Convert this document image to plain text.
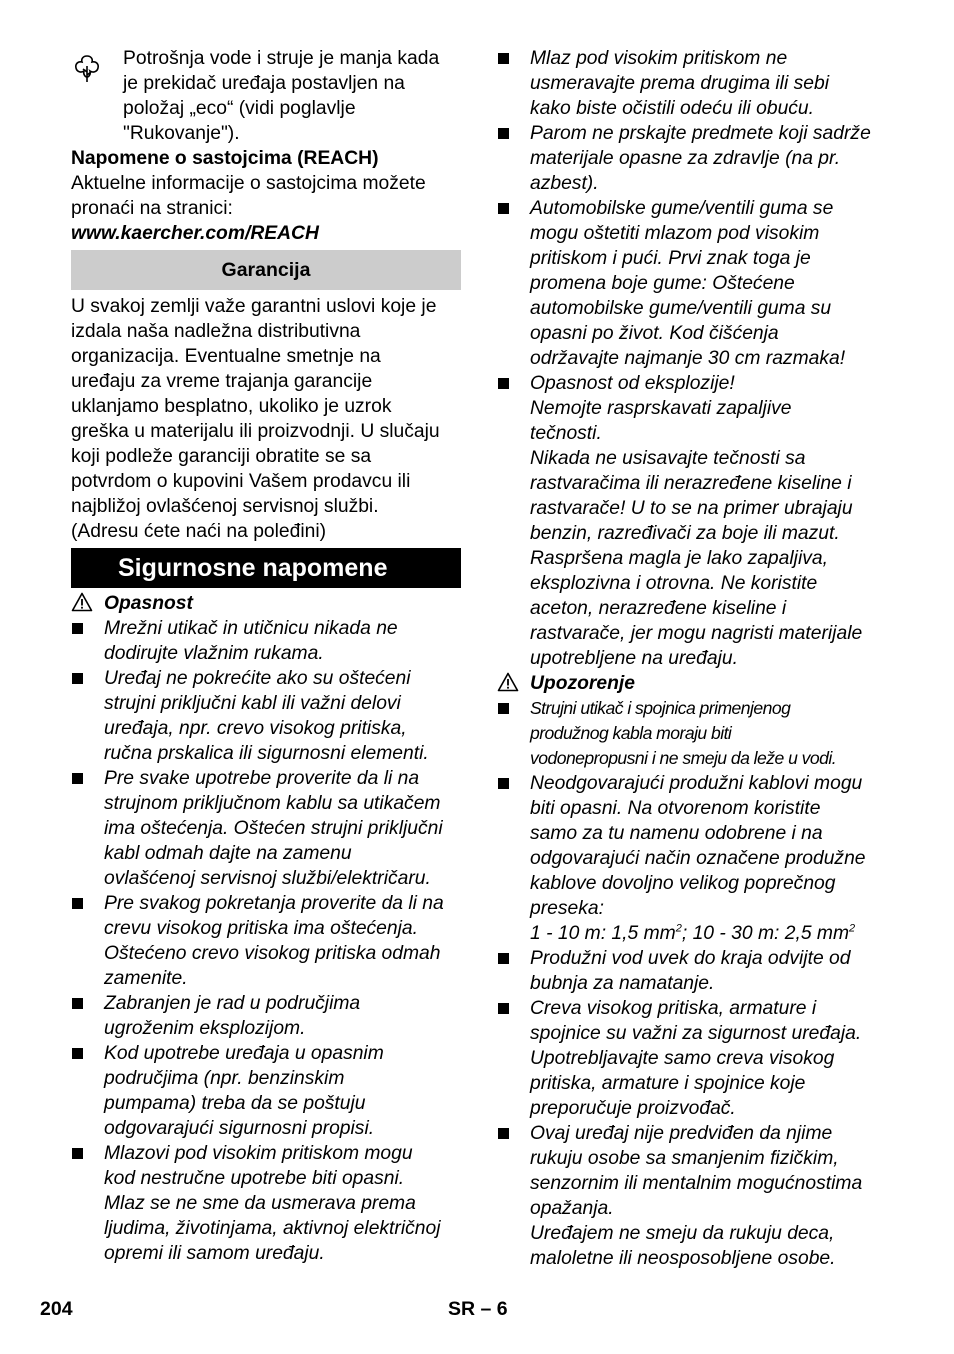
Potrošnja vode i struje je manja kada
je prekidač uređaja postavljen na
položaj „eco“ (vidi poglavlje
"Rukovanje").
Napomene o sastojcima (REACH)
Aktuelne informacije o sastojcima možete
pronaći na stranici:
www.kaercher.com/REACH
Garancija
U svakoj zemlji važe garantni uslovi koje je
izdala naša nadležna distributivna
organizacija. Eventualne smetnje na
uređaju za vreme trajanja garancije
uklanjamo besplatno, ukoliko je uzrok
greška u materijalu ili proizvodnji. U slučaju
koji podleže garanciji obratite se sa
potvrdom o kupovini Vašem prodavcu ili
najbližoj ovlašćenoj servisnoj službi.
(Adresu ćete naći na poleđini)
Sigurnosne napomene
Opasnost
Mrežni utikač in utičnicu nikada ne
dodirujte vlažnim rukama.
Uređaj ne pokrećite ako su oštećeni
strujni priključni kabl ili važni delovi
uređaja, npr. crevo visokog pritiska,
ručna prskalica ili sigurnosni elementi.
Pre svake upotrebe proverite da li na
strujnom priključnom kablu sa utikačem
ima oštećenja. Oštećen strujni priključni
kabl odmah dajte na zamenu
ovlašćenoj servisnoj službi/električaru.
Pre svakog pokretanja proverite da li na
crevu visokog pritiska ima oštećenja.
Oštećeno crevo visokog pritiska odmah
zamenite.
Zabranjen je rad u područjima
ugroženim eksplozijom.
Kod upotrebe uređaja u opasnim
područjima (npr. benzinskim
pumpama) treba da se poštuju
odgovarajući sigurnosni propisi.
Mlazovi pod visokim pritiskom mogu
kod nestručne upotrebe biti opasni.
Mlaz se ne sme da usmerava prema
ljudima, životinjama, aktivnoj električnoj
opremi ili samom uređaju.
Mlaz pod visokim pritiskom ne
usmeravajte prema drugima ili sebi
kako biste očistili odeću ili obuću.
Parom ne prskajte predmete koji sadrže
materijale opasne za zdravlje (na pr.
azbest).
Automobilske gume/ventili guma se
mogu oštetiti mlazom pod visokim
pritiskom i pući. Prvi znak toga je
promena boje gume: Oštećene
automobilske gume/ventili guma su
opasni po život. Kod čišćenja
održavajte najmanje 30 cm razmaka!
Opasnost od eksplozije!
Nemojte rasprskavati zapaljive
tečnosti.
Nikada ne usisavajte tečnosti sa
rastvaračima ili nerazređene kiseline i
rastvarače! U to se na primer ubrajaju
benzin, razređivači za boje ili mazut.
Raspršena magla je lako zapaljiva,
eksplozivna i otrovna. Ne koristite
aceton, nerazređene kiseline i
rastvarače, jer mogu nagristi materijale
upotrebljene na uređaju.
Upozorenje
Strujni utikač i spojnica primenjenog
produžnog kabla moraju biti
vodonepropusni i ne smeju da leže u vodi.
Neodgovarajući produžni kablovi mogu
biti opasni. Na otvorenom koristite
samo za tu namenu odobrene i na
odgovarajući način označene produžne
kablove dovoljno velikog poprečnog
preseka:
1 - 10 m: 1,5 $mm^2$; 10 - 30 m: 2,5 $mm^2$
Produžni vod uvek do kraja odvijte od
bubnja za namatanje.
Creva visokog pritiska, armature i
spojnice su važni za sigurnost uređaja.
Upotrebljavajte samo creva visokog
pritiska, armature i spojnice koje
preporučuje proizvođač.
Ovaj uređaj nije predviđen da njime
rukuju osobe sa smanjenim fizičkim,
senzornim ili mentalnim mogućnostima
opažanja.
Uređajem ne smeju da rukuju deca,
maloletne ili neosposobljene osobe.
204	SR – 6
